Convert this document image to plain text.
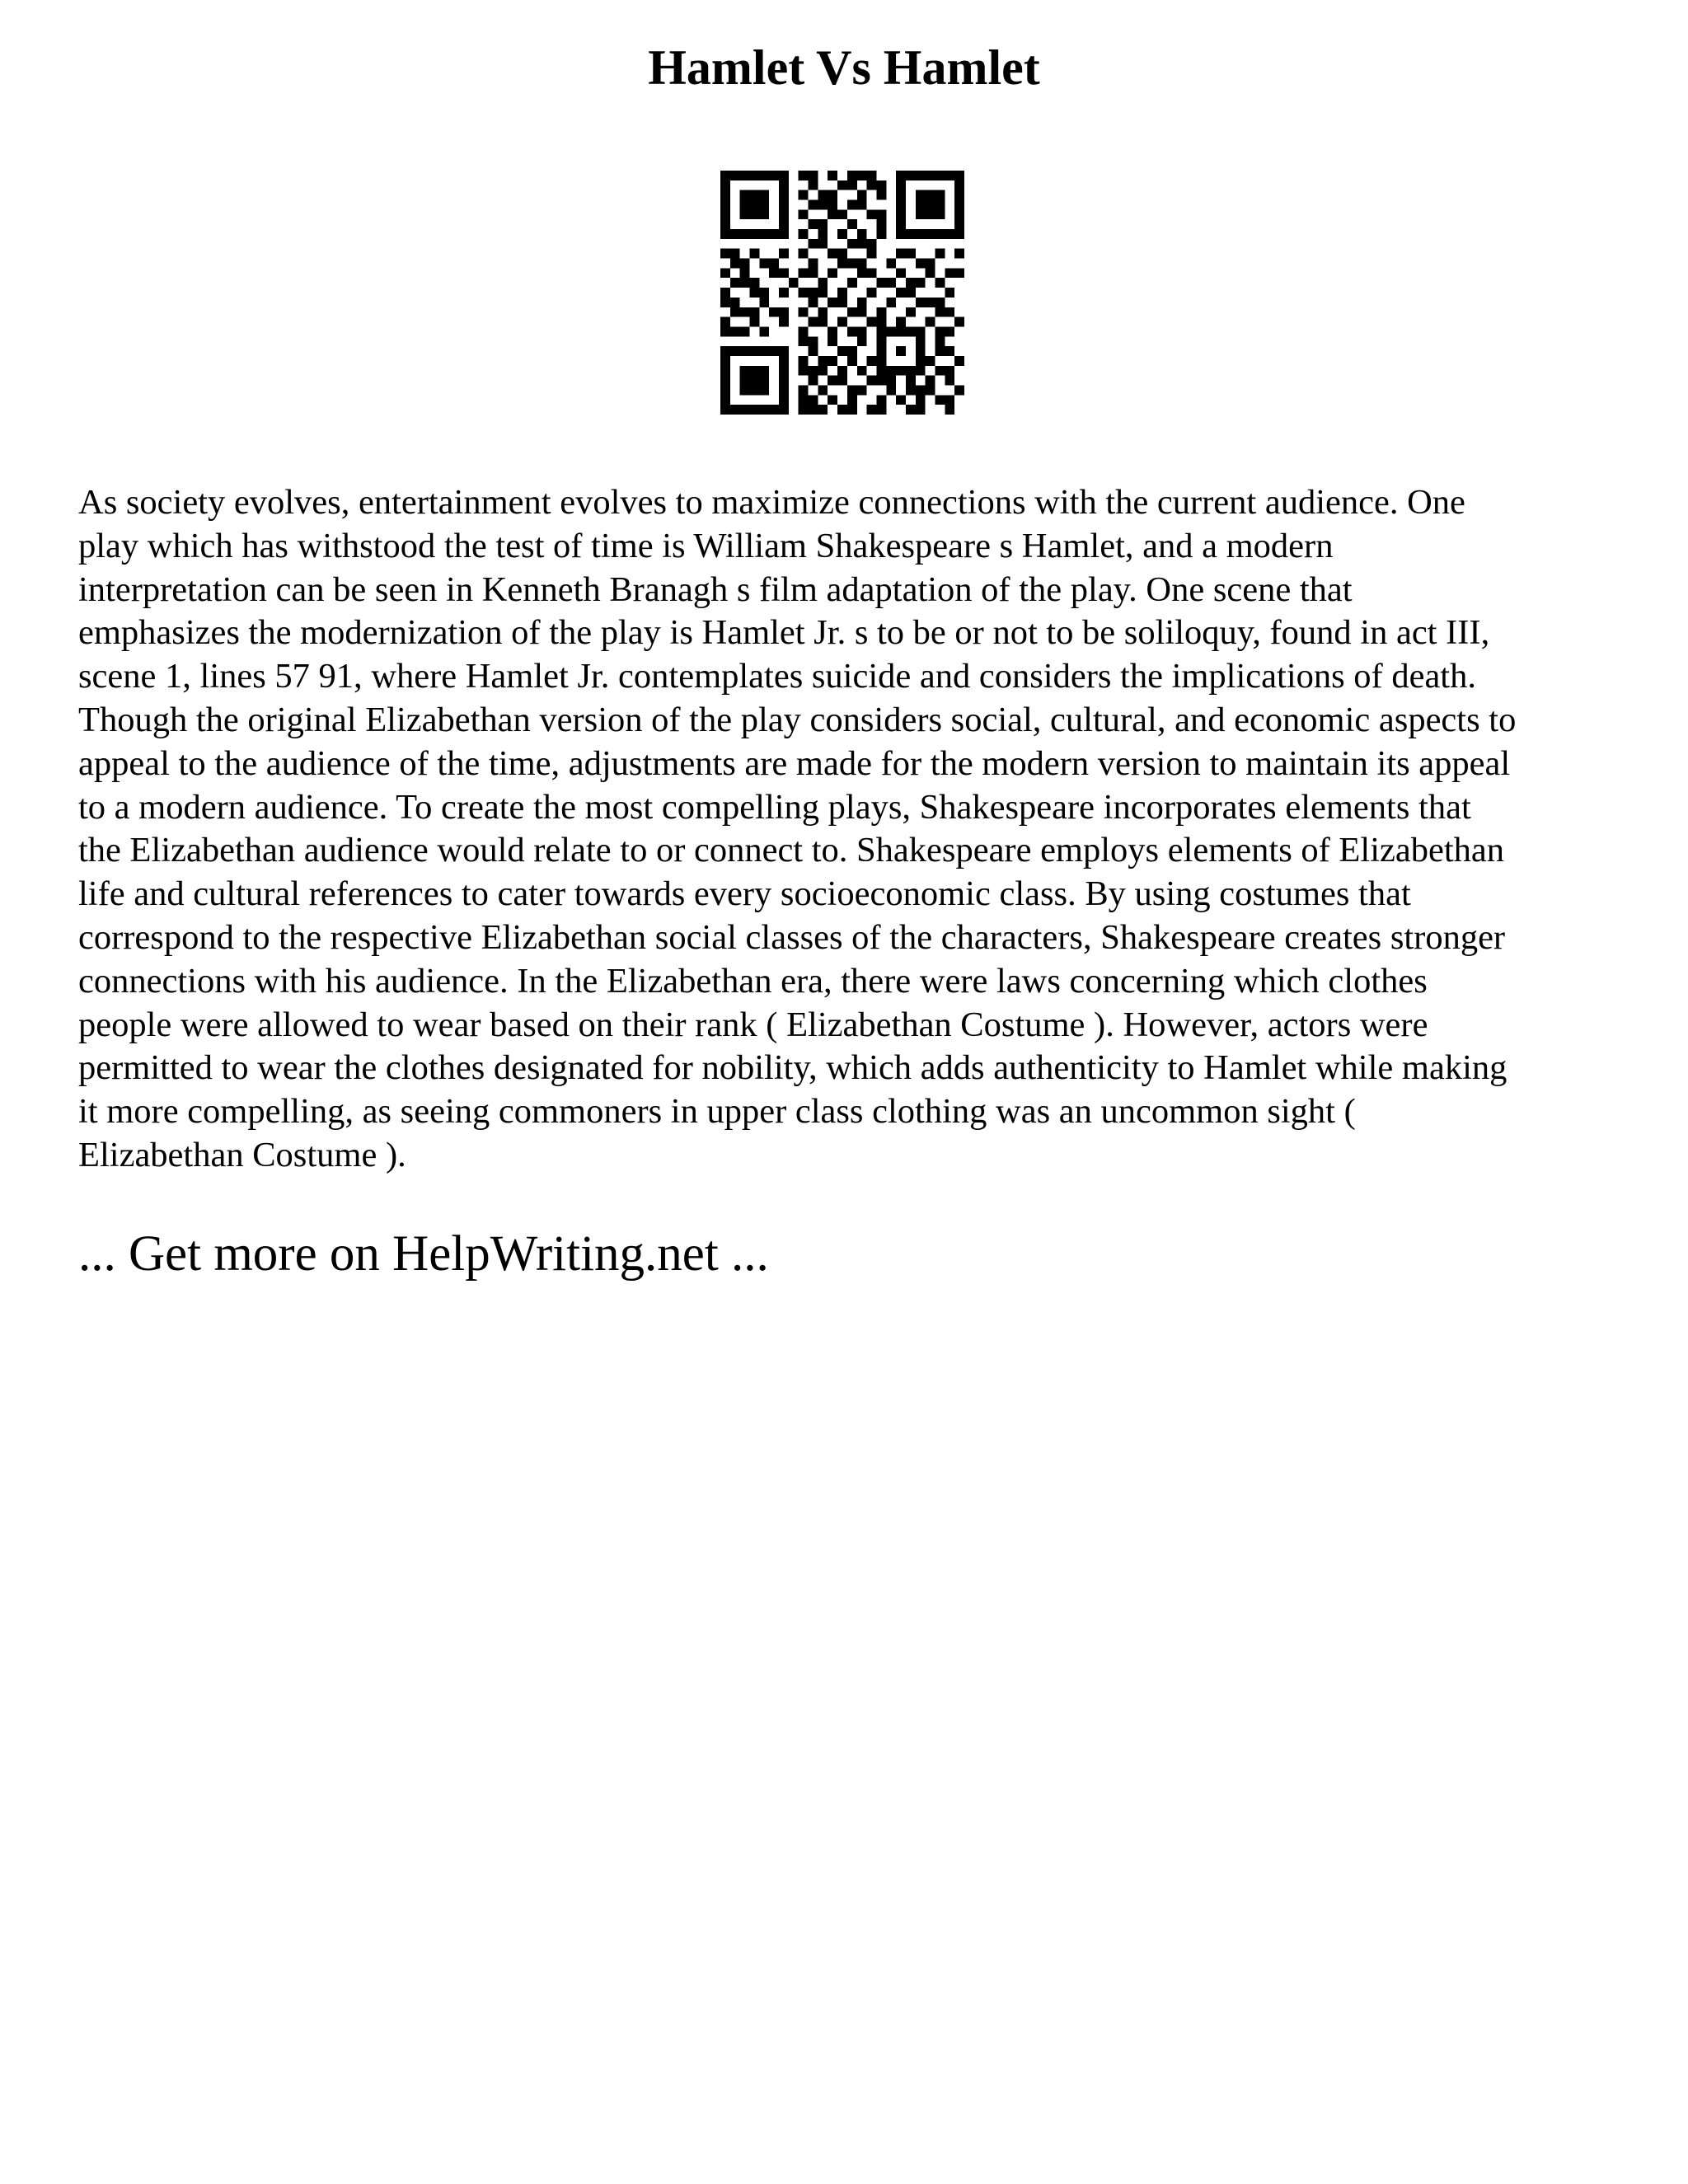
Hamlet Vs Hamlet

As society evolves, entertainment evolves to maximize connections with the current audience. One
play which has withstood the test of time is William Shakespeare s Hamlet, and a modern
interpretation can be seen in Kenneth Branagh s film adaptation of the play. One scene that
emphasizes the modernization of the play is Hamlet Jr. s to be or not to be soliloquy, found in act III,
scene 1, lines 57 91, where Hamlet Jr. contemplates suicide and considers the implications of death.
Though the original Elizabethan version of the play considers social, cultural, and economic aspects to
appeal to the audience of the time, adjustments are made for the modern version to maintain its appeal
to a modern audience. To create the most compelling plays, Shakespeare incorporates elements that
the Elizabethan audience would relate to or connect to. Shakespeare employs elements of Elizabethan
life and cultural references to cater towards every socioeconomic class. By using costumes that
correspond to the respective Elizabethan social classes of the characters, Shakespeare creates stronger
connections with his audience. In the Elizabethan era, there were laws concerning which clothes
people were allowed to wear based on their rank ( Elizabethan Costume ). However, actors were
permitted to wear the clothes designated for nobility, which adds authenticity to Hamlet while making
it more compelling, as seeing commoners in upper class clothing was an uncommon sight (
Elizabethan Costume ).

... Get more on HelpWriting.net ...
